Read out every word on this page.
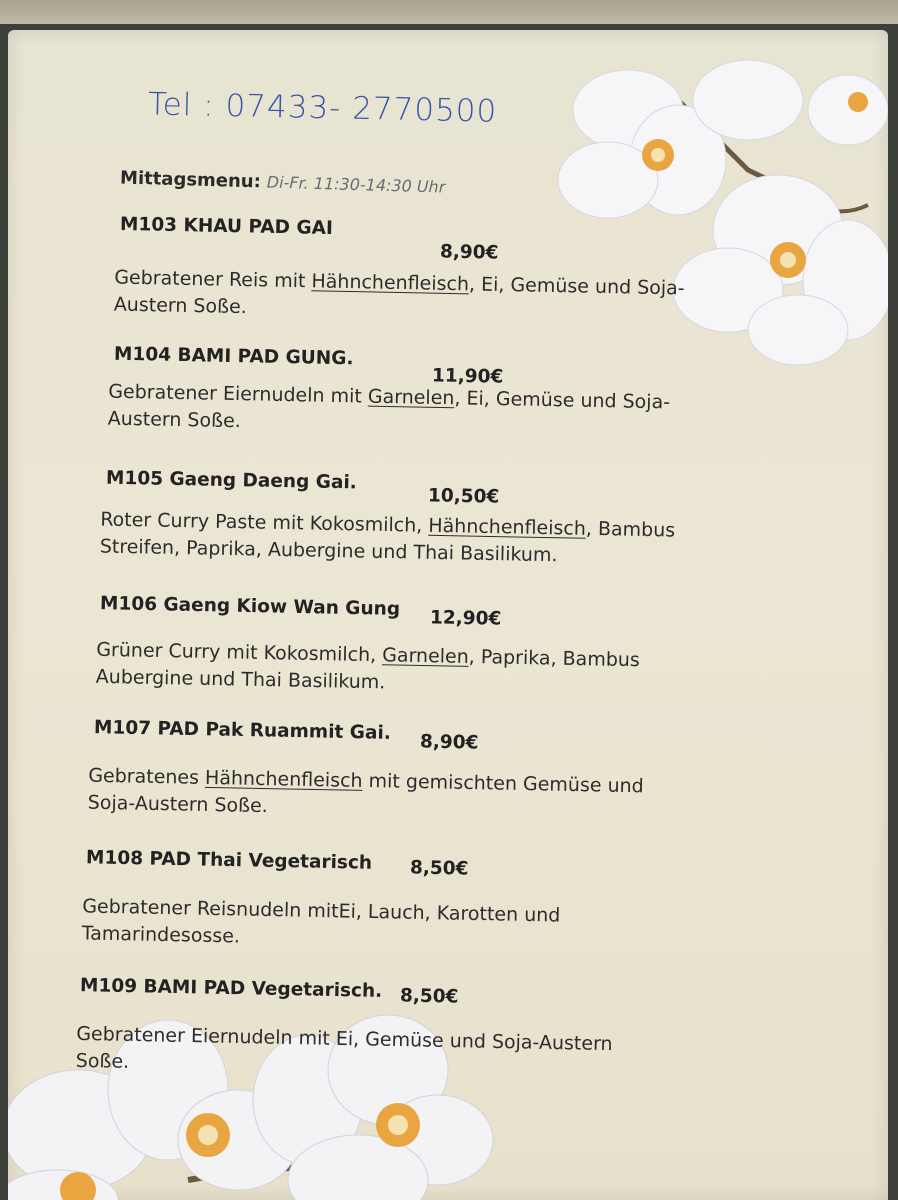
Tel : 07433- 2770500
Mittagsmenu: Di-Fr. 11:30-14:30 Uhr
M103 KHAU PAD GAI
8,90€
Gebratener Reis mit Hähnchenfleisch, Ei, Gemüse und Soja-
Austern Soße.
M104 BAMI PAD GUNG.
11,90€
Gebratener Eiernudeln mit Garnelen, Ei, Gemüse und Soja-
Austern Soße.
M105 Gaeng Daeng Gai.
10,50€
Roter Curry Paste mit Kokosmilch, Hähnchenfleisch, Bambus
Streifen, Paprika, Aubergine und Thai Basilikum.
M106 Gaeng Kiow Wan Gung 12,90€
Grüner Curry mit Kokosmilch, Garnelen, Paprika, Bambus
Aubergine und Thai Basilikum.
M107 PAD Pak Ruammit Gai. 8,90€
Gebratenes Hähnchenfleisch mit gemischten Gemüse und
Soja-Austern Soße.
M108 PAD Thai Vegetarisch 8,50€
Gebratener Reisnudeln mitEi, Lauch, Karotten und
Tamarindesosse.
M109 BAMI PAD Vegetarisch. 8,50€
Gebratener Eiernudeln mit Ei, Gemüse und Soja-Austern
Soße.
